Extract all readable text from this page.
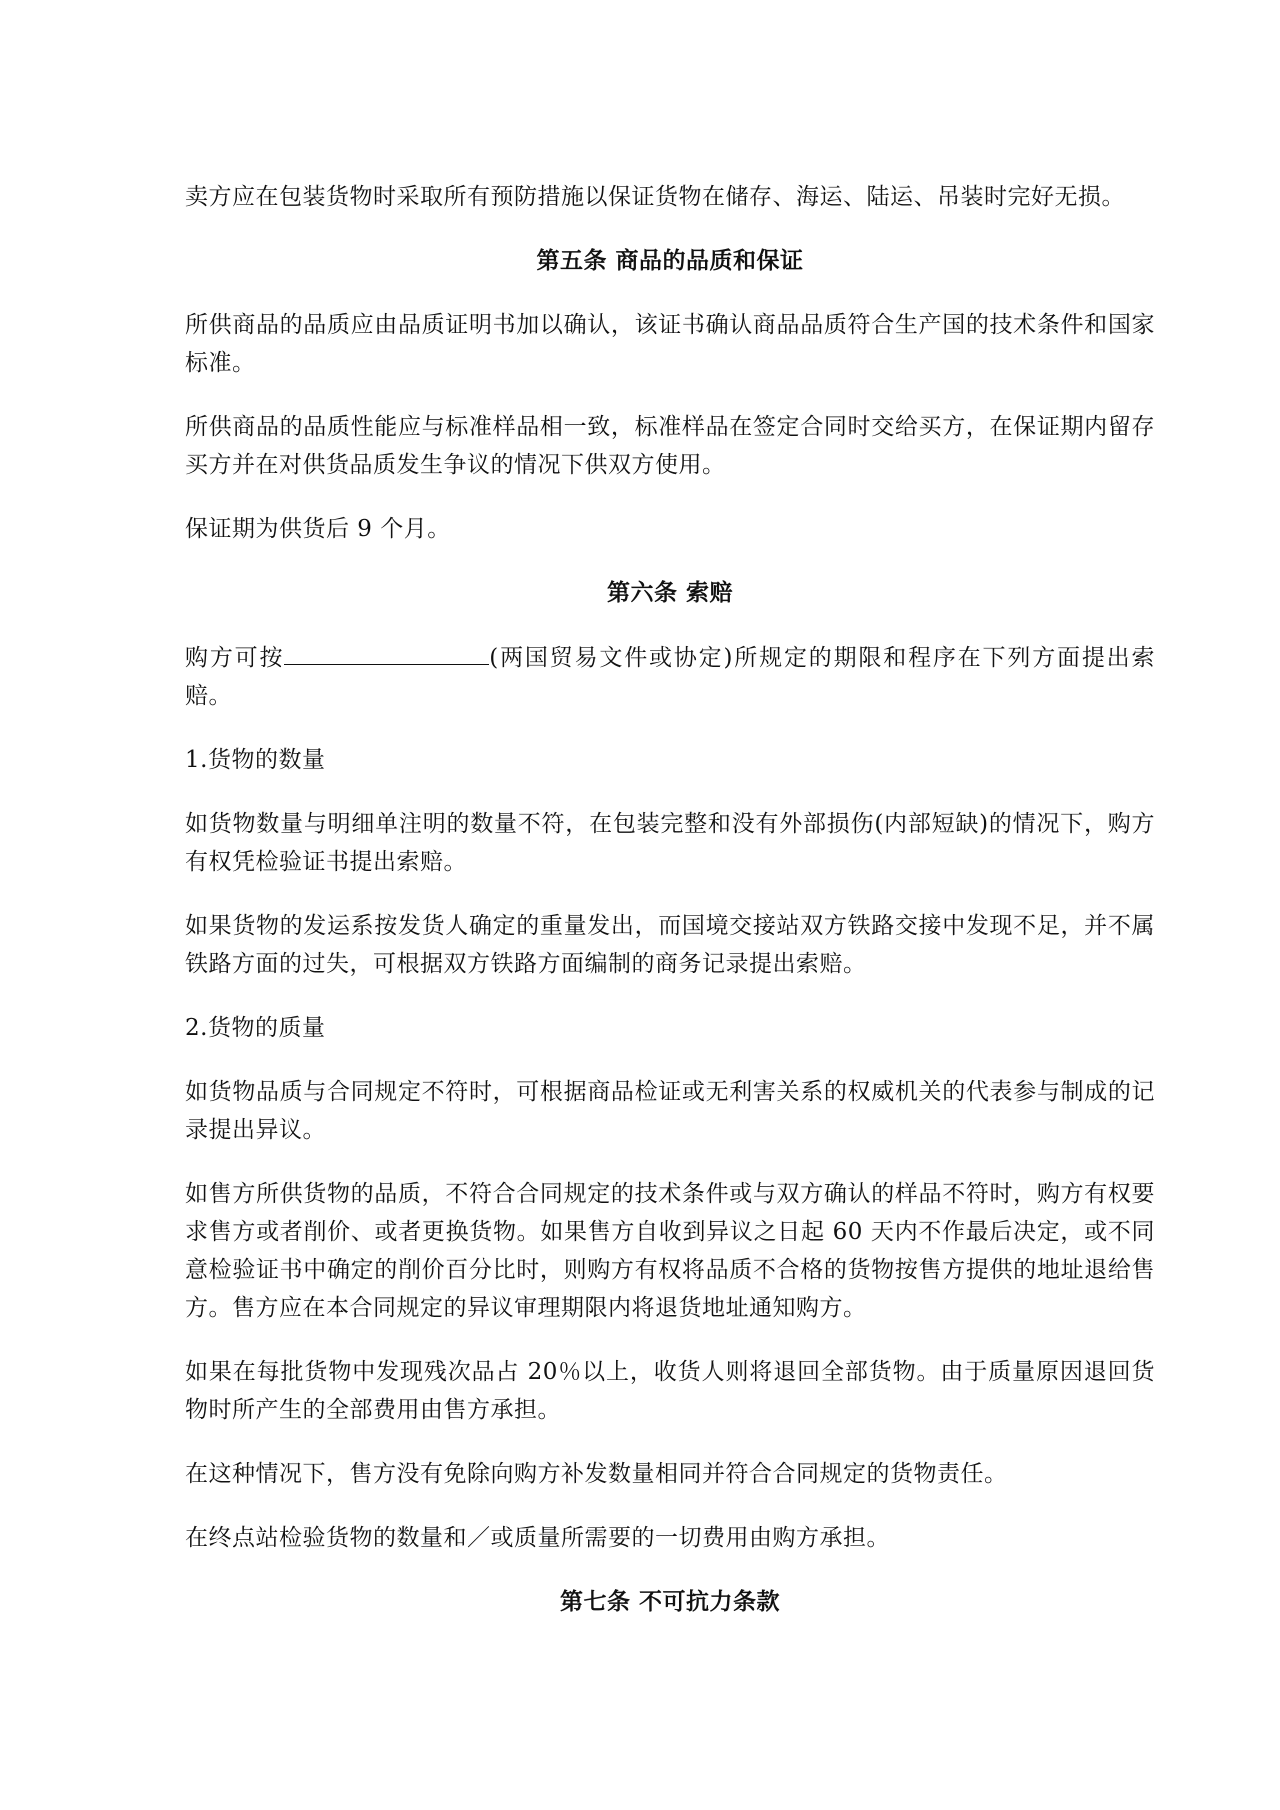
卖方应在包装货物时采取所有预防措施以保证货物在储存、海运、陆运、吊装时完好无损。

第五条 商品的品质和保证

所供商品的品质应由品质证明书加以确认，该证书确认商品品质符合生产国的技术条件和国家标准。

所供商品的品质性能应与标准样品相一致，标准样品在签定合同时交给买方，在保证期内留存买方并在对供货品质发生争议的情况下供双方使用。

保证期为供货后 9 个月。

第六条 索赔

购方可按	(两国贸易文件或协定)所规定的期限和程序在下列方面提出索赔。

1.货物的数量

如货物数量与明细单注明的数量不符，在包装完整和没有外部损伤(内部短缺)的情况下，购方有权凭检验证书提出索赔。

如果货物的发运系按发货人确定的重量发出，而国境交接站双方铁路交接中发现不足，并不属铁路方面的过失，可根据双方铁路方面编制的商务记录提出索赔。

2.货物的质量

如货物品质与合同规定不符时，可根据商品检证或无利害关系的权威机关的代表参与制成的记录提出异议。

如售方所供货物的品质，不符合合同规定的技术条件或与双方确认的样品不符时，购方有权要求售方或者削价、或者更换货物。如果售方自收到异议之日起 60 天内不作最后决定，或不同意检验证书中确定的削价百分比时，则购方有权将品质不合格的货物按售方提供的地址退给售方。售方应在本合同规定的异议审理期限内将退货地址通知购方。

如果在每批货物中发现残次品占 20％以上，收货人则将退回全部货物。由于质量原因退回货物时所产生的全部费用由售方承担。

在这种情况下，售方没有免除向购方补发数量相同并符合合同规定的货物责任。

在终点站检验货物的数量和／或质量所需要的一切费用由购方承担。

第七条 不可抗力条款
